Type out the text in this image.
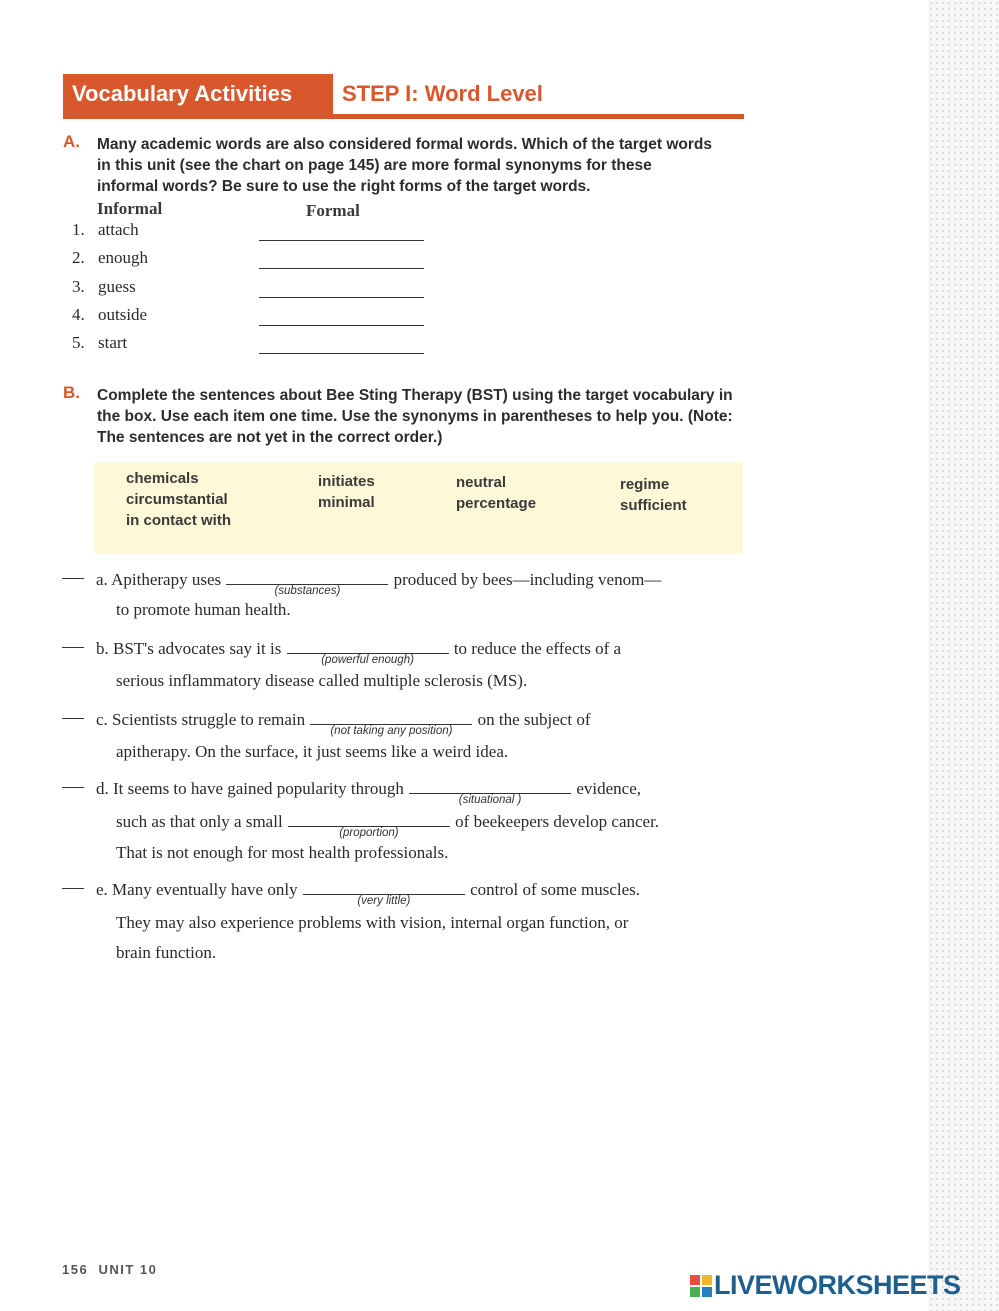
Vocabulary Activities	STEP I: Word Level
A. Many academic words are also considered formal words. Which of the target words in this unit (see the chart on page 145) are more formal synonyms for these informal words? Be sure to use the right forms of the target words.

Informal	Formal
1. attach
2. enough
3. guess
4. outside
5. start
B. Complete the sentences about Bee Sting Therapy (BST) using the target vocabulary in the box. Use each item one time. Use the synonyms in parentheses to help you. (Note: The sentences are not yet in the correct order.)

chemicals
circumstantial
in contact with
initiates
minimal
neutral
percentage
regime
sufficient
a. Apitherapy uses
(substances)
produced by bees—including venom—
to promote human health.
b. BST's advocates say it is
(powerful enough)
to reduce the effects of a
serious inflammatory disease called multiple sclerosis (MS).
c. Scientists struggle to remain
(not taking any position)
on the subject of
apitherapy. On the surface, it just seems like a weird idea.
d. It seems to have gained popularity through
(situational )
evidence,
such as that only a small
(proportion)
of beekeepers develop cancer.
That is not enough for most health professionals.
e. Many eventually have only
(very little)
control of some muscles.
They may also experience problems with vision, internal organ function, or
brain function.
156 UNIT 10
LIVEWORKSHEETS
